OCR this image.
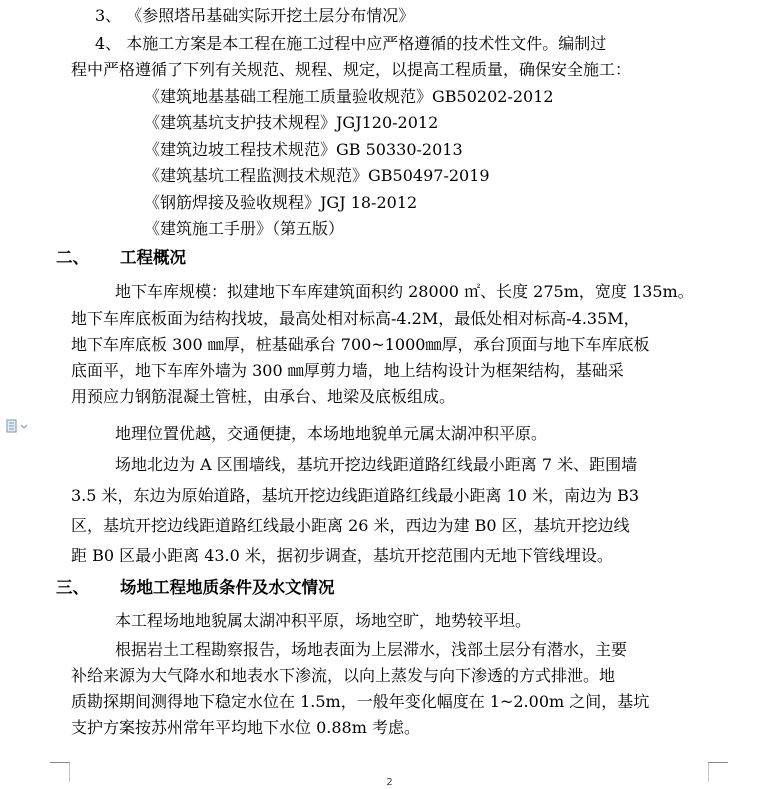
3、 《参照塔吊基础实际开挖土层分布情况》
4、 本施工方案是本工程在施工过程中应严格遵循的技术性文件。编制过
程中严格遵循了下列有关规范、规程、规定，以提高工程质量，确保安全施工：
《建筑地基基础工程施工质量验收规范》GB50202-2012
《建筑基坑支护技术规程》JGJ120-2012
《建筑边坡工程技术规范》GB 50330-2013
《建筑基坑工程监测技术规范》GB50497-2019
《钢筋焊接及验收规程》JGJ 18-2012
《建筑施工手册》（第五版）
二、 工程概况
地下车库规模：拟建地下车库建筑面积约 28000 ㎡、长度 275m，宽度 135m。
地下车库底板面为结构找坡，最高处相对标高-4.2M，最低处相对标高-4.35M，
地下车库底板 300 ㎜厚，桩基础承台 700~1000㎜厚，承台顶面与地下车库底板
底面平，地下车库外墙为 300 ㎜厚剪力墙，地上结构设计为框架结构，基础采
用预应力钢筋混凝土管桩，由承台、地梁及底板组成。
地理位置优越，交通便捷，本场地地貌单元属太湖冲积平原。
场地北边为 A 区围墙线，基坑开挖边线距道路红线最小距离 7 米、距围墙
3.5 米，东边为原始道路，基坑开挖边线距道路红线最小距离 10 米，南边为 B3
区，基坑开挖边线距道路红线最小距离 26 米，西边为建 B0 区，基坑开挖边线
距 B0 区最小距离 43.0 米，据初步调查，基坑开挖范围内无地下管线埋设。
三、 场地工程地质条件及水文情况
本工程场地地貌属太湖冲积平原，场地空旷，地势较平坦。
根据岩土工程勘察报告，场地表面为上层滞水，浅部土层分有潜水，主要
补给来源为大气降水和地表水下渗流，以向上蒸发与向下渗透的方式排泄。地
质勘探期间测得地下稳定水位在 1.5m，一般年变化幅度在 1~2.00m 之间，基坑
支护方案按苏州常年平均地下水位 0.88m 考虑。
2
